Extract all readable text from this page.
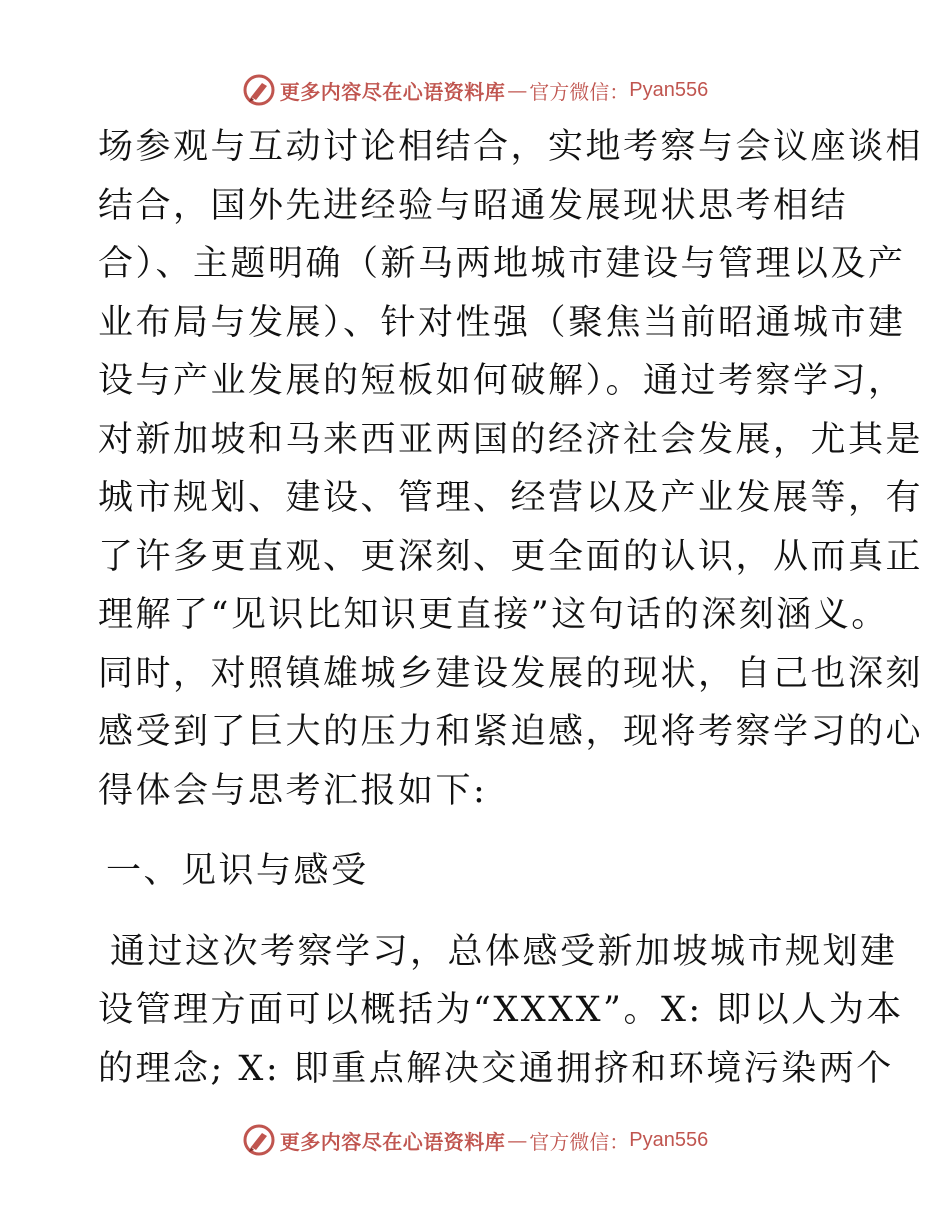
更多内容尽在心语资料库 — 官方微信： Pyan556
场参观与互动讨论相结合，实地考察与会议座谈相
结合，国外先进经验与昭通发展现状思考相结
合）、主题明确（新马两地城市建设与管理以及产
业布局与发展）、针对性强（聚焦当前昭通城市建
设与产业发展的短板如何破解）。通过考察学习，
对新加坡和马来西亚两国的经济社会发展，尤其是
城市规划、建设、管理、经营以及产业发展等，有
了许多更直观、更深刻、更全面的认识，从而真正
理解了“见识比知识更直接”这句话的深刻涵义。
同时，对照镇雄城乡建设发展的现状，自己也深刻
感受到了巨大的压力和紧迫感，现将考察学习的心
得体会与思考汇报如下:
一、见识与感受
通过这次考察学习，总体感受新加坡城市规划建
设管理方面可以概括为“XXXX”。X: 即以人为本
的理念; X: 即重点解决交通拥挤和环境污染两个
更多内容尽在心语资料库 — 官方微信： Pyan556
